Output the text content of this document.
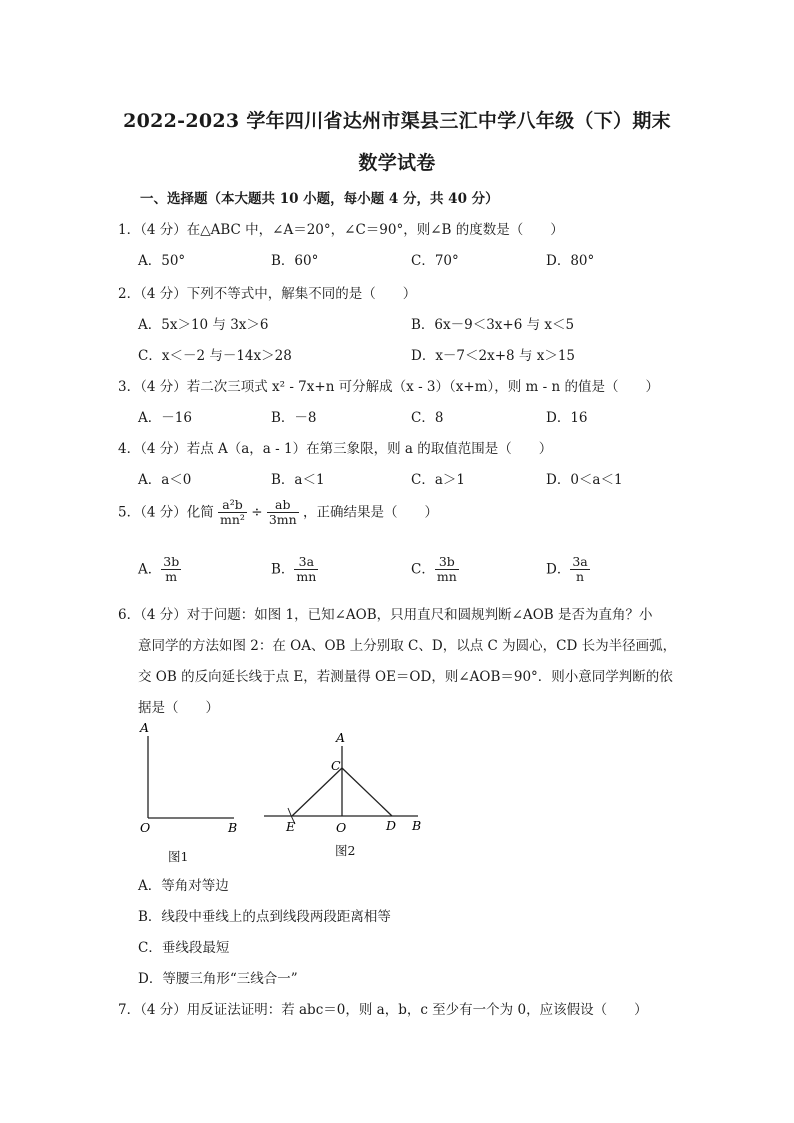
2022-2023 学年四川省达州市渠县三汇中学八年级（下）期末
数学试卷
一、选择题（本大题共 10 小题，每小题 4 分，共 40 分）
1．（4 分）在△ABC 中，∠A＝20°，∠C＝90°，则∠B 的度数是（　　）
A．50°	B．60°	C．70°	D．80°
2．（4 分）下列不等式中，解集不同的是（　　）
A．5x＞10 与 3x＞6	B．6x－9＜3x+6 与 x＜5
C．x＜－2 与－14x＞28	D．x－7＜2x+8 与 x＞15
3．（4 分）若二次三项式 x² - 7x+n 可分解成（x - 3）（x+m），则 m - n 的值是（　　）
A．－16	B．－8	C．8	D．16
4．（4 分）若点 A（a，a - 1）在第三象限，则 a 的取值范围是（　　）
A．a＜0	B．a＜1	C．a＞1	D．0＜a＜1
5．（4 分）化简 $\frac{\text{a²b}}{\text{mn²}} \div \frac{ab}{3mn}$ ，正确结果是（　　）
A． $\frac{3b}{m}$	B． $\frac{3a}{mn}$	C． $\frac{3b}{mn}$	D． $\frac{3a}{n}$
6．（4 分）对于问题：如图 1，已知∠AOB，只用直尺和圆规判断∠AOB 是否为直角？小
意同学的方法如图 2：在 OA、OB 上分别取 C、D，以点 C 为圆心，CD 长为半径画弧，
交 OB 的反向延长线于点 E，若测量得 OE＝OD，则∠AOB＝90°．则小意同学判断的依
据是（　　）
A
O	B
图1
A
C
E	O	D B
图2
A．等角对等边
B．线段中垂线上的点到线段两段距离相等
C．垂线段最短
D．等腰三角形“三线合一”
7．（4 分）用反证法证明：若 abc＝0，则 a，b，c 至少有一个为 0，应该假设（　　）
